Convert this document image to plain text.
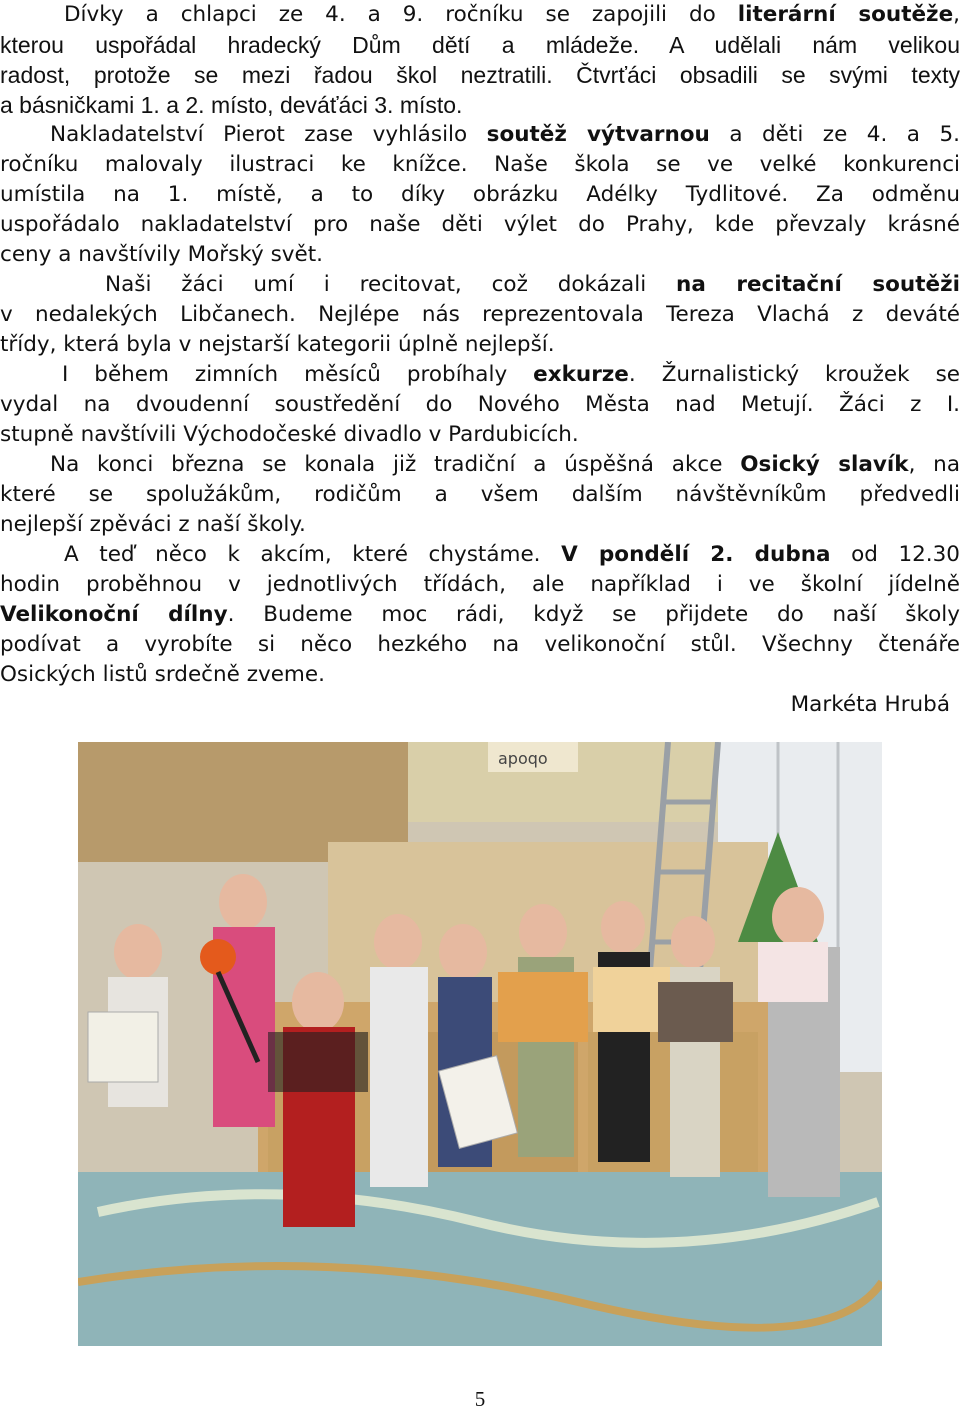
Dívky a chlapci ze 4. a 9. ročníku se zapojili do literární soutěže,
kterou uspořádal hradecký Dům dětí a mládeže. A udělali nám velikou
radost, protože se mezi řadou škol neztratili. Čtvrťáci obsadili se svými texty
a básničkami 1. a 2. místo, deváťáci 3. místo.
Nakladatelství Pierot zase vyhlásilo soutěž výtvarnou a děti ze 4. a 5.
ročníku malovaly ilustraci ke knížce. Naše škola se ve velké konkurenci
umístila na 1. místě, a to díky obrázku Adélky Tydlitové. Za odměnu
uspořádalo nakladatelství pro naše děti výlet do Prahy, kde převzaly krásné
ceny a navštívily Mořský svět.
Naši žáci umí i recitovat, což dokázali na recitační soutěži
v nedalekých Libčanech. Nejlépe nás reprezentovala Tereza Vlachá z deváté
třídy, která byla v nejstarší kategorii úplně nejlepší.
I během zimních měsíců probíhaly exkurze. Žurnalistický kroužek se
vydal na dvoudenní soustředění do Nového Města nad Metují. Žáci z I.
stupně navštívili Východočeské divadlo v Pardubicích.
Na konci března se konala již tradiční a úspěšná akce Osický slavík, na
které se spolužákům, rodičům a všem dalším návštěvníkům předvedli
nejlepší zpěváci z naší školy.
A teď něco k akcím, které chystáme. V pondělí 2. dubna od 12.30
hodin proběhnou v jednotlivých třídách, ale například i ve školní jídelně
Velikonoční dílny. Budeme moc rádi, když se přijdete do naší školy
podívat a vyrobíte si něco hezkého na velikonoční stůl. Všechny čtenáře
Osických listů srdečně zveme.
Markéta Hrubá
apoqo
5
